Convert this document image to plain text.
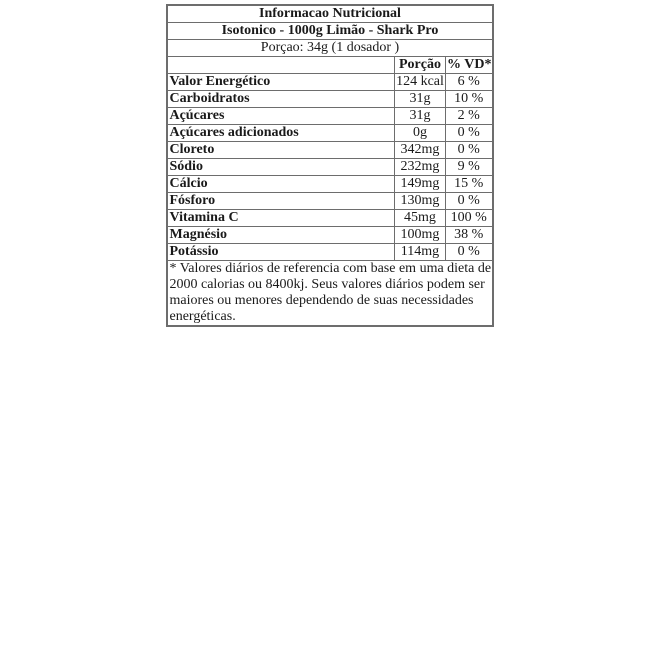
Informacao Nutricional		
Isotonico - 1000g Limão - Shark Pro		
Porçao: 34g (1 dosador )		
	Porção	% VD*
Valor Energético	124 kcal	6 %
Carboidratos	31g	10 %
Açúcares	31g	2 %
Açúcares adicionados	0g	0 %
Cloreto	342mg	0 %
Sódio	232mg	9 %
Cálcio	149mg	15 %
Fósforo	130mg	0 %
Vitamina C	45mg	100 %
Magnésio	100mg	38 %
Potássio	114mg	0 %

* Valores diários de referencia com base em uma dieta de
2000 calorias ou 8400kj. Seus valores diários podem ser
maiores ou menores dependendo de suas necessidades
energéticas.		
